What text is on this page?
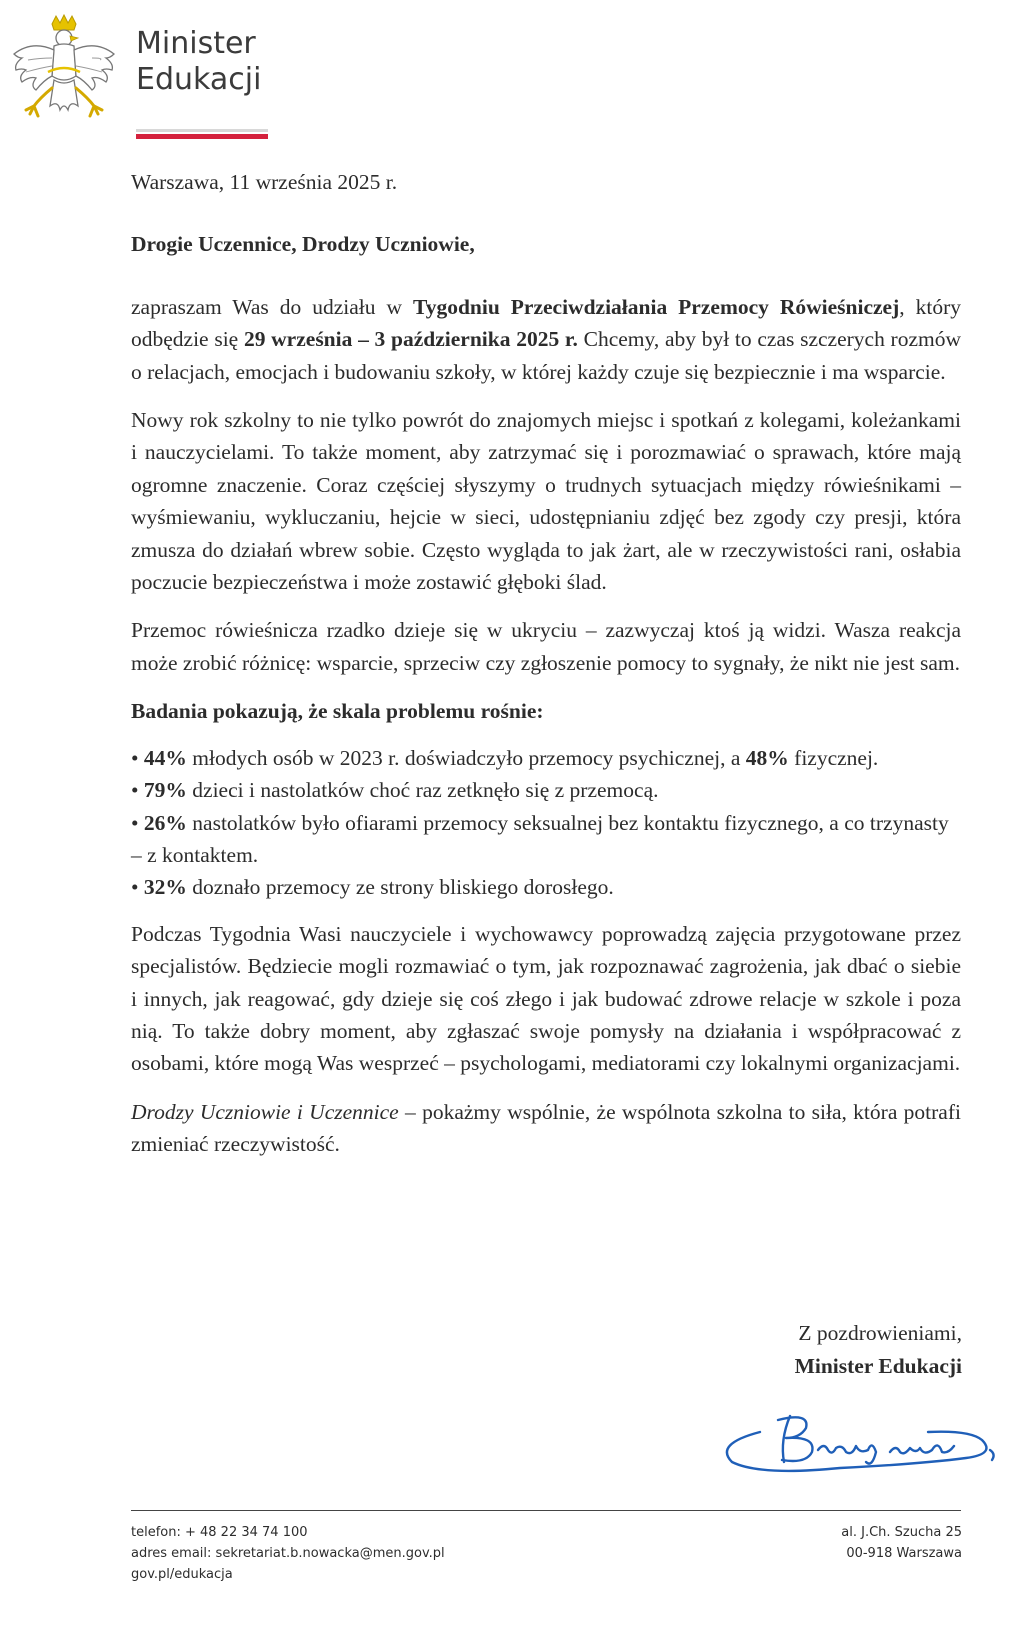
Minister
Edukacji

Warszawa, 11 września 2025 r.

Drogie Uczennice, Drodzy Uczniowie,

zapraszam Was do udziału w Tygodniu Przeciwdziałania Przemocy Rówieśniczej, który odbędzie się 29 września – 3 października 2025 r. Chcemy, aby był to czas szczerych rozmów o relacjach, emocjach i budowaniu szkoły, w której każdy czuje się bezpiecznie i ma wsparcie.

Nowy rok szkolny to nie tylko powrót do znajomych miejsc i spotkań z kolegami, koleżankami i nauczycielami. To także moment, aby zatrzymać się i porozmawiać o sprawach, które mają ogromne znaczenie. Coraz częściej słyszymy o trudnych sytuacjach między rówieśnikami – wyśmiewaniu, wykluczaniu, hejcie w sieci, udostępnianiu zdjęć bez zgody czy presji, która zmusza do działań wbrew sobie. Często wygląda to jak żart, ale w rzeczywistości rani, osłabia poczucie bezpieczeństwa i może zostawić głęboki ślad.

Przemoc rówieśnicza rzadko dzieje się w ukryciu – zazwyczaj ktoś ją widzi. Wasza reakcja może zrobić różnicę: wsparcie, sprzeciw czy zgłoszenie pomocy to sygnały, że nikt nie jest sam.

Badania pokazują, że skala problemu rośnie:

• 44% młodych osób w 2023 r. doświadczyło przemocy psychicznej, a 48% fizycznej.
• 79% dzieci i nastolatków choć raz zetknęło się z przemocą.
• 26% nastolatków było ofiarami przemocy seksualnej bez kontaktu fizycznego, a co trzynasty – z kontaktem.
• 32% doznało przemocy ze strony bliskiego dorosłego.

Podczas Tygodnia Wasi nauczyciele i wychowawcy poprowadzą zajęcia przygotowane przez specjalistów. Będziecie mogli rozmawiać o tym, jak rozpoznawać zagrożenia, jak dbać o siebie i innych, jak reagować, gdy dzieje się coś złego i jak budować zdrowe relacje w szkole i poza nią. To także dobry moment, aby zgłaszać swoje pomysły na działania i współpracować z osobami, które mogą Was wesprzeć – psychologami, mediatorami czy lokalnymi organizacjami.

Drodzy Uczniowie i Uczennice – pokażmy wspólnie, że wspólnota szkolna to siła, która potrafi zmieniać rzeczywistość.

Z pozdrowieniami,
Minister Edukacji
telefon: + 48 22 34 74 100
adres email: sekretariat.b.nowacka@men.gov.pl
gov.pl/edukacja
al. J.Ch. Szucha 25
00-918 Warszawa
